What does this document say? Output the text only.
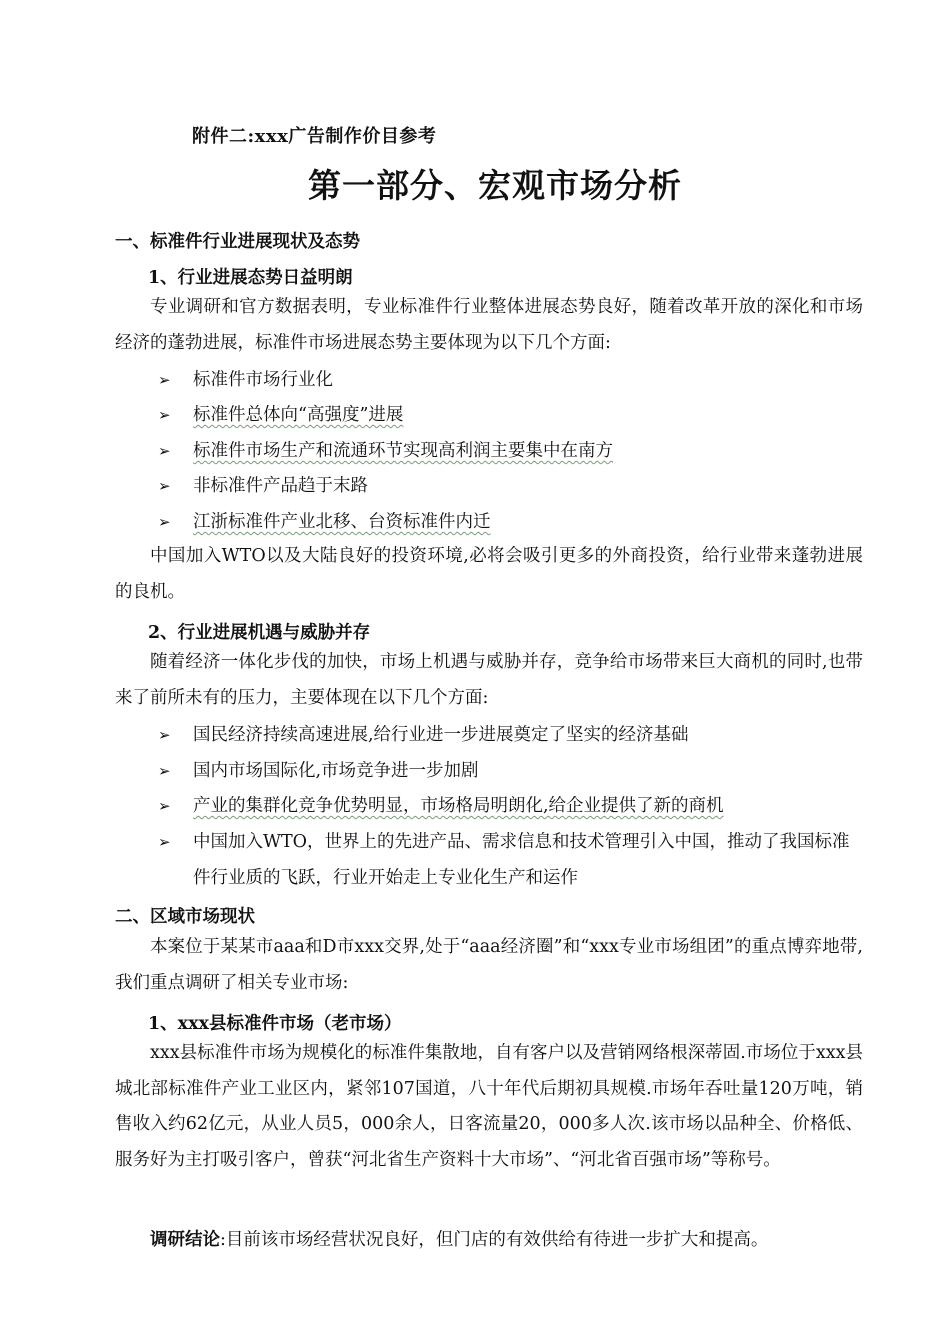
附件二:xxx广告制作价目参考
第一部分、宏观市场分析
一、标准件行业进展现状及态势
1、行业进展态势日益明朗

专业调研和官方数据表明，专业标准件行业整体进展态势良好，随着改革开放的深化和市场经济的蓬勃进展，标准件市场进展态势主要体现为以下几个方面:

➢ 标准件市场行业化
➢ 标准件总体向“高强度”进展
➢ 标准件市场生产和流通环节实现高利润主要集中在南方
➢ 非标准件产品趋于末路
➢ 江浙标准件产业北移、台资标准件内迁

中国加入WTO以及大陆良好的投资环境,必将会吸引更多的外商投资，给行业带来蓬勃进展的良机。

2、行业进展机遇与威胁并存

随着经济一体化步伐的加快，市场上机遇与威胁并存，竞争给市场带来巨大商机的同时,也带来了前所未有的压力，主要体现在以下几个方面:

➢ 国民经济持续高速进展,给行业进一步进展奠定了坚实的经济基础
➢ 国内市场国际化,市场竞争进一步加剧
➢ 产业的集群化竞争优势明显，市场格局明朗化,给企业提供了新的商机
➢ 中国加入WTO，世界上的先进产品、需求信息和技术管理引入中国，推动了我国标准件行业质的飞跃，行业开始走上专业化生产和运作
二、区域市场现状

本案位于某某市aaa和D市xxx交界,处于“aaa经济圈”和“xxx专业市场组团”的重点博弈地带,我们重点调研了相关专业市场:

1、xxx县标准件市场（老市场）

xxx县标准件市场为规模化的标准件集散地，自有客户以及营销网络根深蒂固.市场位于xxx县城北部标准件产业工业区内，紧邻107国道，八十年代后期初具规模.市场年吞吐量120万吨，销售收入约62亿元，从业人员5，000余人，日客流量20，000多人次.该市场以品种全、价格低、服务好为主打吸引客户，曾获“河北省生产资料十大市场”、“河北省百强市场”等称号。

调研结论:目前该市场经营状况良好，但门店的有效供给有待进一步扩大和提高。
